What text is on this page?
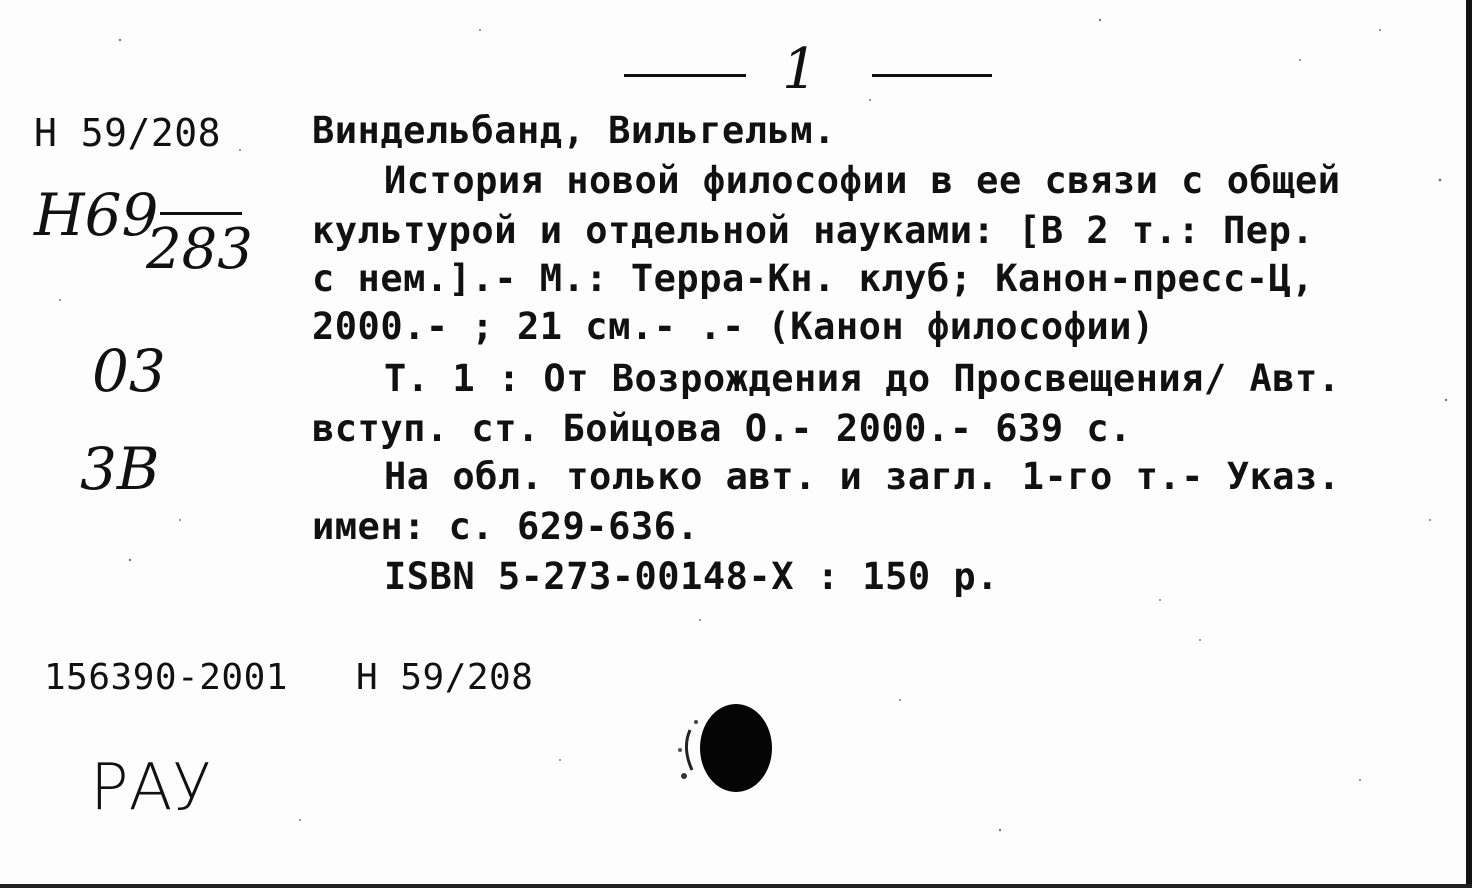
1
Н 59/208
Н69
283
03
3В
Виндельбанд, Вильгельм.
История новой философии в ее связи с общей
культурой и отдельной науками: [В 2 т.: Пер.
с нем.].- М.: Терра-Кн. клуб; Канон-пресс-Ц,
2000.- ; 21 см.- .- (Канон философии)
Т. 1 : От Возрождения до Просвещения/ Авт.
вступ. ст. Бойцова О.- 2000.- 639 с.
На обл. только авт. и загл. 1-го т.- Указ.
имен: с. 629-636.
ISBN 5-273-00148-X : 150 р.
156390-2001 Н 59/208
РАУ
